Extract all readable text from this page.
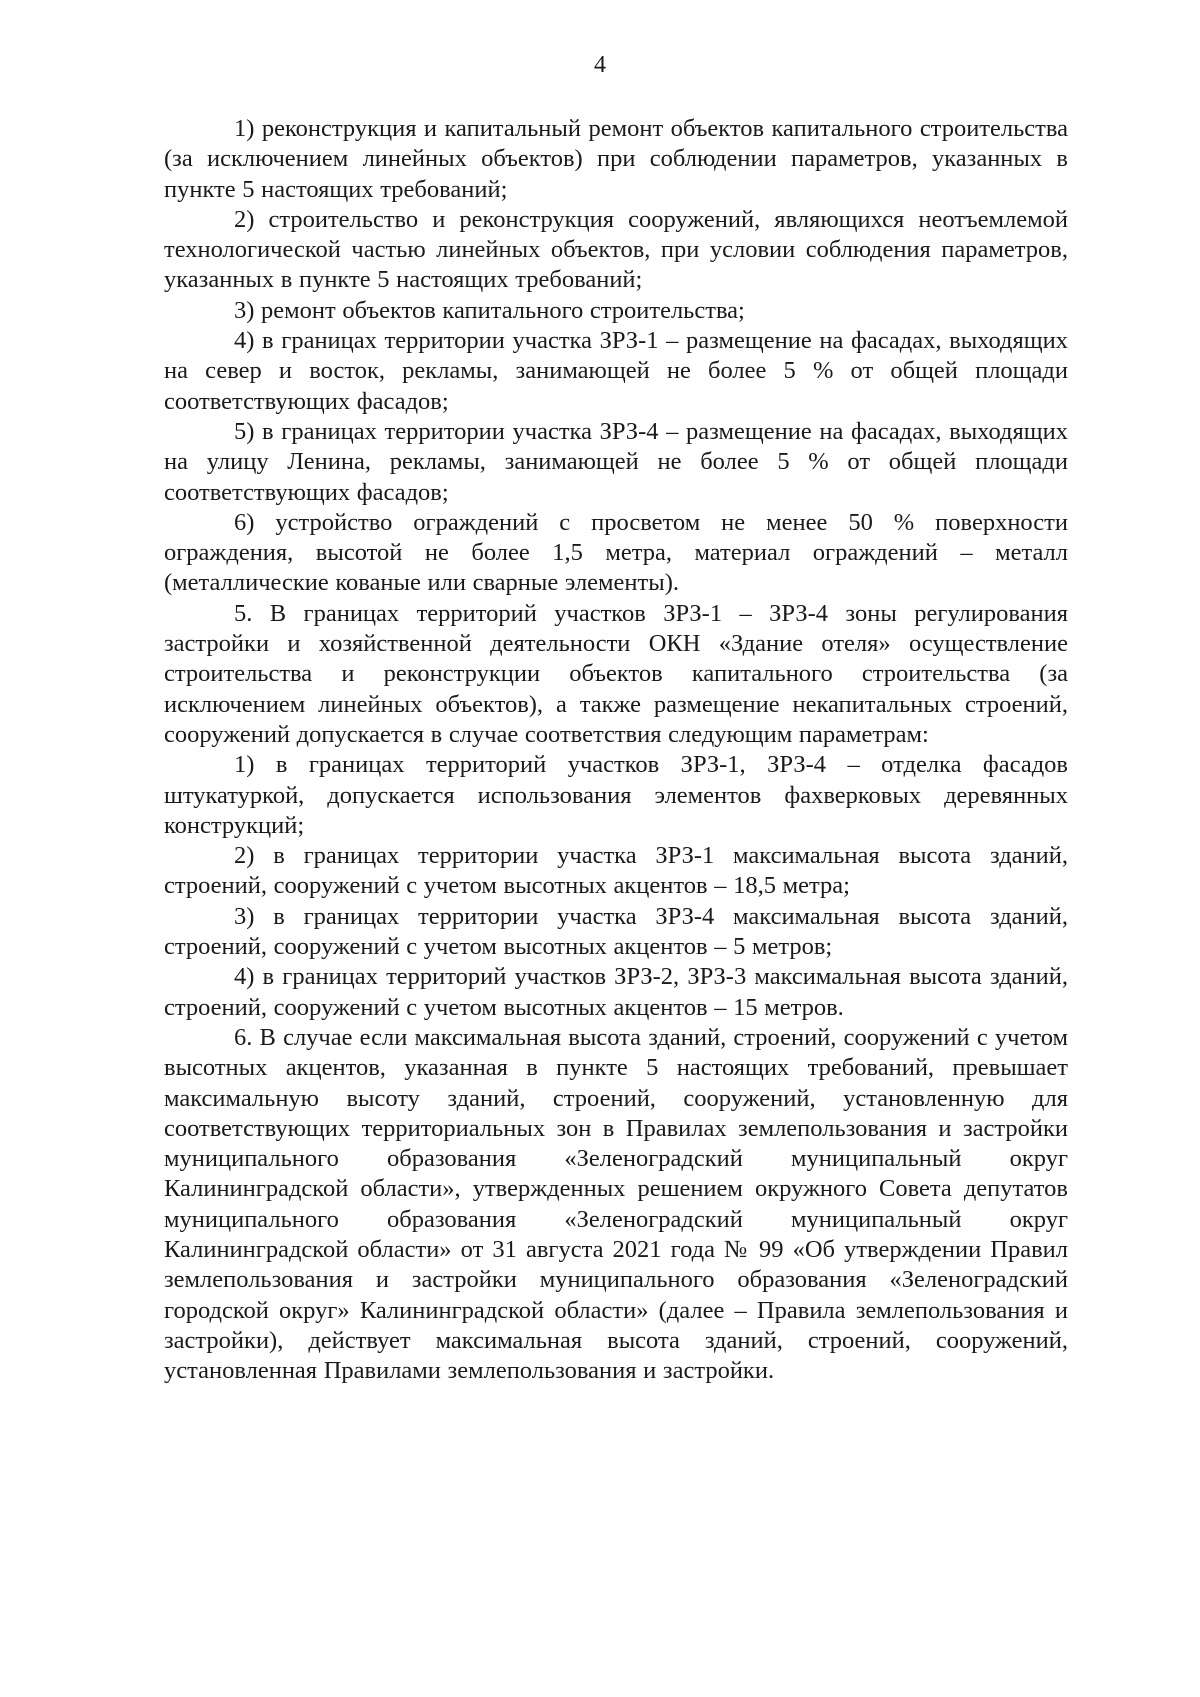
4

1) реконструкция и капитальный ремонт объектов капитального строительства (за исключением линейных объектов) при соблюдении параметров, указанных в пункте 5 настоящих требований;

2) строительство и реконструкция сооружений, являющихся неотъемлемой технологической частью линейных объектов, при условии соблюдения параметров, указанных в пункте 5 настоящих требований;

3) ремонт объектов капитального строительства;

4) в границах территории участка ЗРЗ-1 – размещение на фасадах, выходящих на север и восток, рекламы, занимающей не более 5 % от общей площади соответствующих фасадов;

5) в границах территории участка ЗРЗ-4 – размещение на фасадах, выходящих на улицу Ленина, рекламы, занимающей не более 5 % от общей площади соответствующих фасадов;

6) устройство ограждений с просветом не менее 50 % поверхности ограждения, высотой не более 1,5 метра, материал ограждений – металл (металлические кованые или сварные элементы).

5. В границах территорий участков ЗРЗ-1 – ЗРЗ-4 зоны регулирования застройки и хозяйственной деятельности ОКН «Здание отеля» осуществление строительства и реконструкции объектов капитального строительства (за исключением линейных объектов), а также размещение некапитальных строений, сооружений допускается в случае соответствия следующим параметрам:

1) в границах территорий участков ЗРЗ-1, ЗРЗ-4 – отделка фасадов штукатуркой, допускается использования элементов фахверковых деревянных конструкций;

2) в границах территории участка ЗРЗ-1 максимальная высота зданий, строений, сооружений с учетом высотных акцентов – 18,5 метра;

3) в границах территории участка ЗРЗ-4 максимальная высота зданий, строений, сооружений с учетом высотных акцентов – 5 метров;

4) в границах территорий участков ЗРЗ-2, ЗРЗ-3 максимальная высота зданий, строений, сооружений с учетом высотных акцентов – 15 метров.

6. В случае если максимальная высота зданий, строений, сооружений с учетом высотных акцентов, указанная в пункте 5 настоящих требований, превышает максимальную высоту зданий, строений, сооружений, установленную для соответствующих территориальных зон в Правилах землепользования и застройки муниципального образования «Зеленоградский муниципальный округ Калининградской области», утвержденных решением окружного Совета депутатов муниципального образования «Зеленоградский муниципальный округ Калининградской области» от 31 августа 2021 года № 99 «Об утверждении Правил землепользования и застройки муниципального образования «Зеленоградский городской округ» Калининградской области» (далее – Правила землепользования и застройки), действует максимальная высота зданий, строений, сооружений, установленная Правилами землепользования и застройки.
